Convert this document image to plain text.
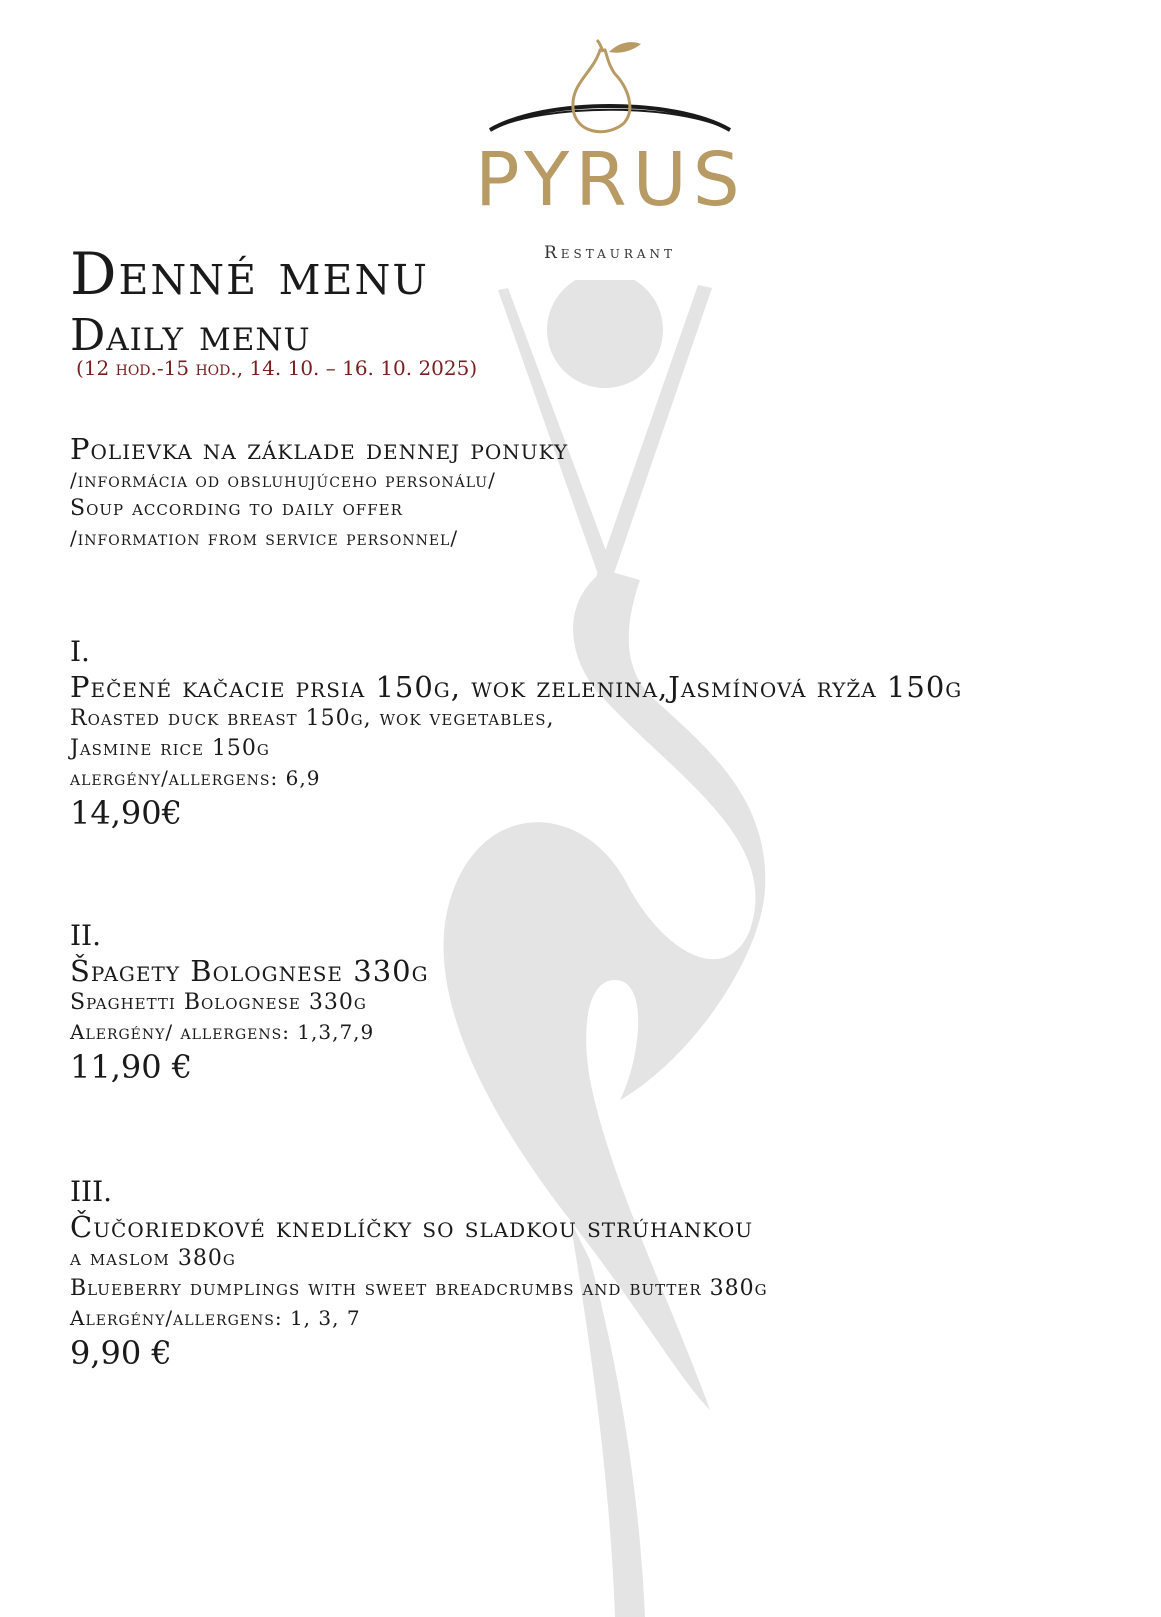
PYRUS
Restaurant
Denné menu
Daily menu
(12 hod.-15 hod., 14. 10. – 16. 10. 2025)
Polievka na základe dennej ponuky
/informácia od obsluhujúceho personálu/
Soup according to daily offer
/information from service personnel/
I.
Pečené kačacie prsia 150g, wok zelenina,Jasmínová ryža 150g
Roasted duck breast 150g, wok vegetables,
Jasmine rice 150g
alergény/allergens: 6,9
14,90€
II.
Špagety Bolognese 330g
Spaghetti Bolognese 330g
Alergény/ allergens: 1,3,7,9
11,90 €
III.
Čučoriedkové knedlíčky so sladkou strúhankou
a maslom 380g
Blueberry dumplings with sweet breadcrumbs and butter 380g
Alergény/allergens: 1, 3, 7
9,90 €
